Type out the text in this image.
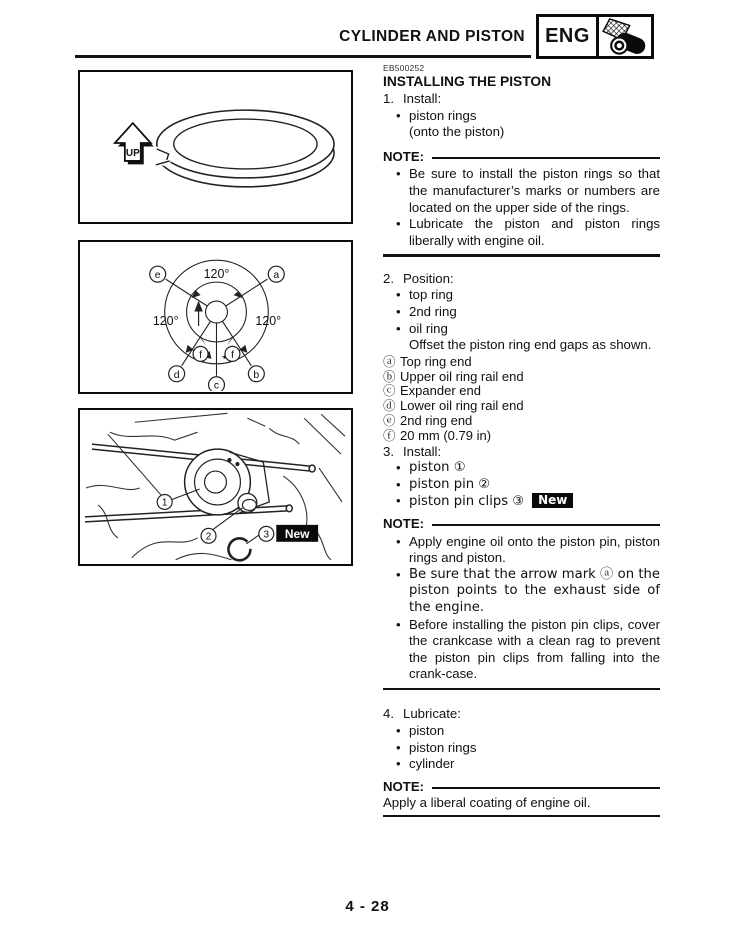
CYLINDER AND PISTON	ENG
UP
120°
120°	120°
a
e
d
c
b
f	f
1
2	3 New
EB500252
INSTALLING THE PISTON
1. Install:
•
piston rings
(onto the piston)
NOTE:
•
Be sure to install the piston rings so that the manufacturer’s marks or numbers are located on the upper side of the rings.
•
Lubricate the piston and piston rings liberally with engine oil.
2. Position:
•
top ring
•
2nd ring
•
oil ring
Offset the piston ring end gaps as shown.
ⓐ Top ring end
ⓑ Upper oil ring rail end
ⓒ Expander end
ⓓ Lower oil ring rail end
ⓔ 2nd ring end
ⓕ 20 mm (0.79 in)
3. Install:
•
piston ①
•
piston pin ②
•
piston pin clips ③ New
NOTE:
•
Apply engine oil onto the piston pin, piston rings and piston.
•
Be sure that the arrow mark ⓐ on the piston points to the exhaust side of the engine.
•
Before installing the piston pin clips, cover the crankcase with a clean rag to prevent the piston pin clips from falling into the crank-case.
4. Lubricate:
•
piston
•
piston rings
•
cylinder
NOTE:
Apply a liberal coating of engine oil.
4 - 28
